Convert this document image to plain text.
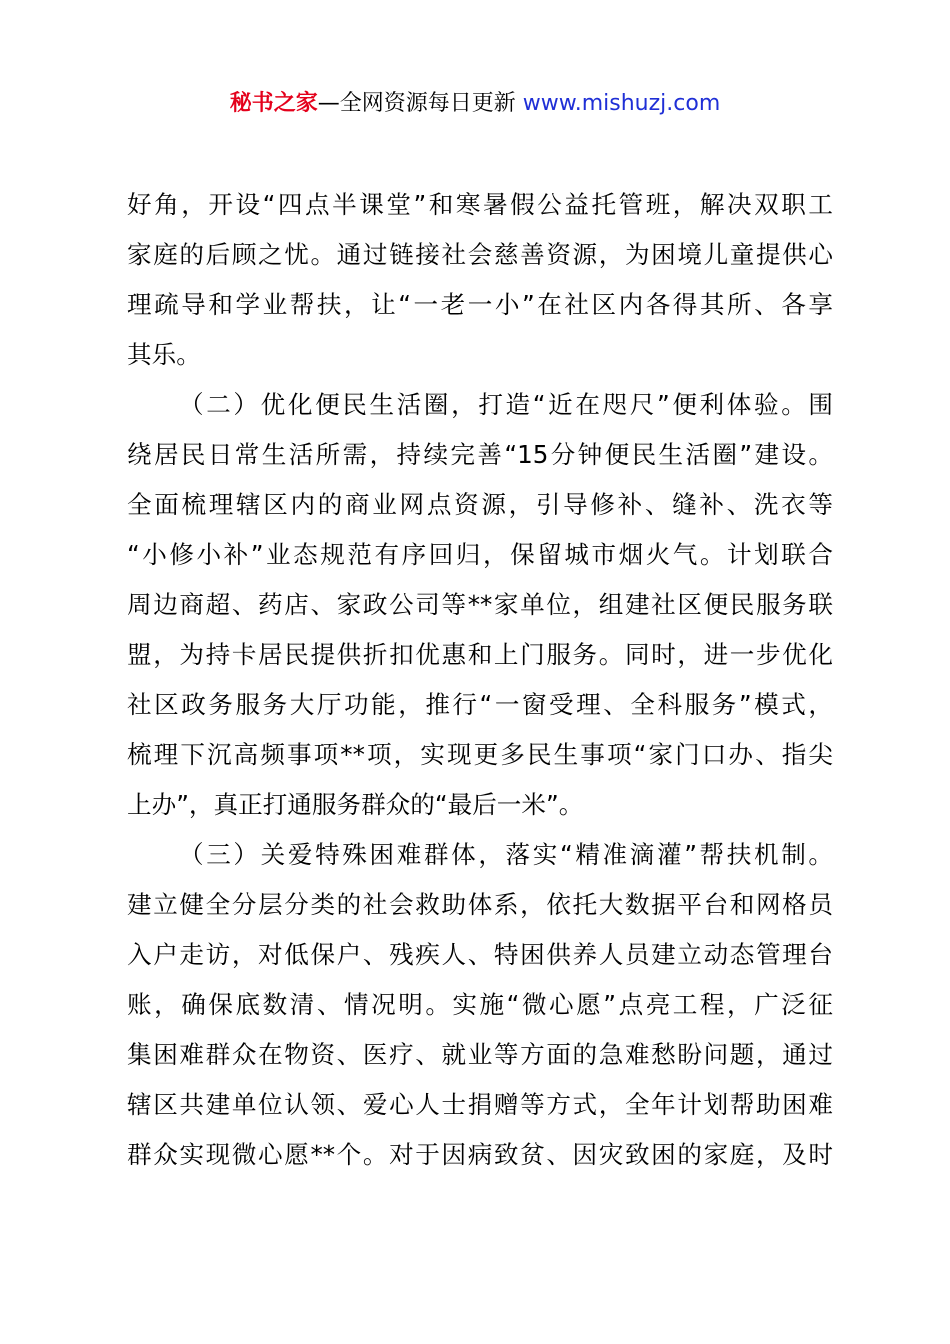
秘书之家—全网资源每日更新 www.mishuzj.com
好角，开设“四点半课堂”和寒暑假公益托管班，解决双职工
家庭的后顾之忧。通过链接社会慈善资源，为困境儿童提供心
理疏导和学业帮扶，让“一老一小”在社区内各得其所、各享
其乐。
（二）优化便民生活圈，打造“近在咫尺”便利体验。围
绕居民日常生活所需，持续完善“15分钟便民生活圈”建设。
全面梳理辖区内的商业网点资源，引导修补、缝补、洗衣等
“小修小补”业态规范有序回归，保留城市烟火气。计划联合
周边商超、药店、家政公司等**家单位，组建社区便民服务联
盟，为持卡居民提供折扣优惠和上门服务。同时，进一步优化
社区政务服务大厅功能，推行“一窗受理、全科服务”模式，
梳理下沉高频事项**项，实现更多民生事项“家门口办、指尖
上办”，真正打通服务群众的“最后一米”。
（三）关爱特殊困难群体，落实“精准滴灌”帮扶机制。
建立健全分层分类的社会救助体系，依托大数据平台和网格员
入户走访，对低保户、残疾人、特困供养人员建立动态管理台
账，确保底数清、情况明。实施“微心愿”点亮工程，广泛征
集困难群众在物资、医疗、就业等方面的急难愁盼问题，通过
辖区共建单位认领、爱心人士捐赠等方式，全年计划帮助困难
群众实现微心愿**个。对于因病致贫、因灾致困的家庭，及时
